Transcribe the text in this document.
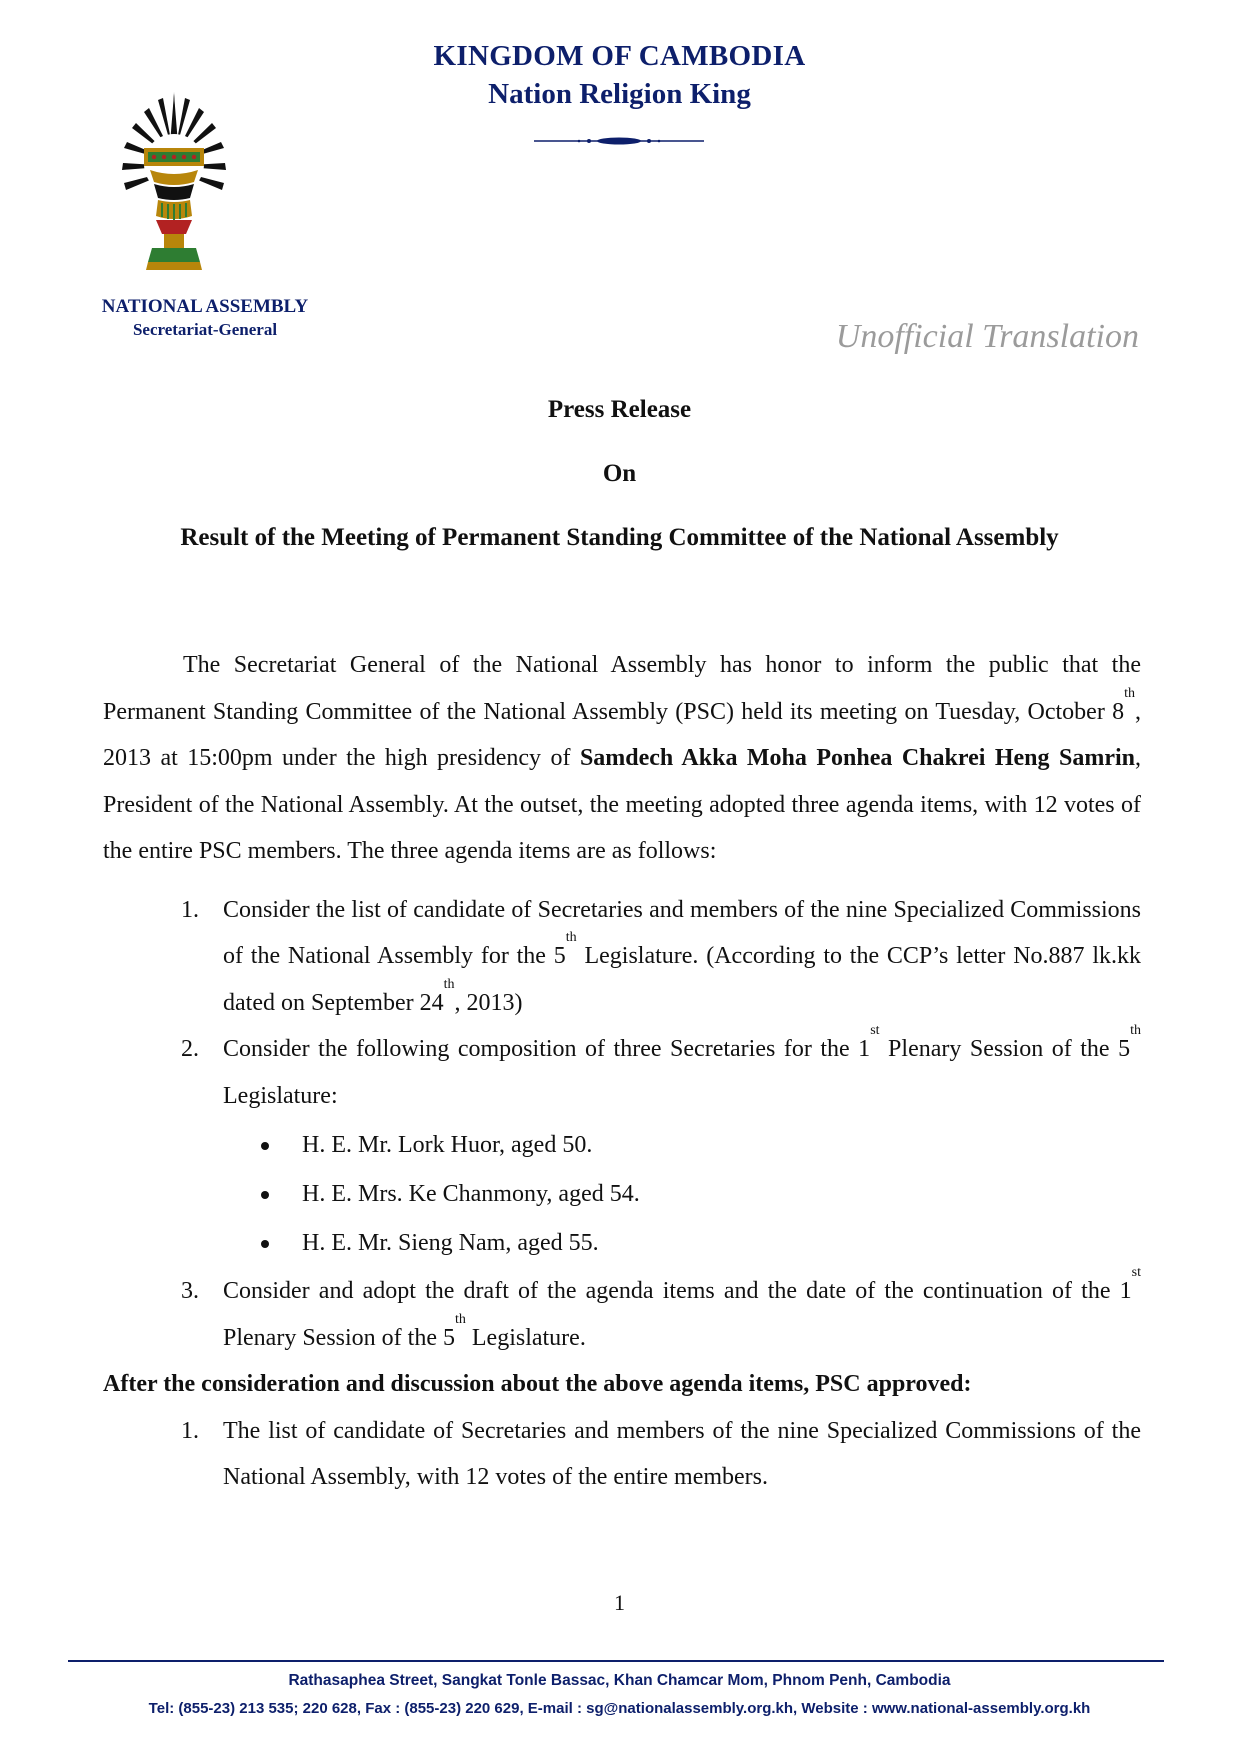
KINGDOM OF CAMBODIA
Nation Religion King
NATIONAL ASSEMBLY
Secretariat-General	Unofficial Translation
Press Release
On
Result of the Meeting of Permanent Standing Committee of the National Assembly

The Secretariat General of the National Assembly has honor to inform the public that the Permanent Standing Committee of the National Assembly (PSC) held its meeting on Tuesday, October 8th, 2013 at 15:00pm under the high presidency of Samdech Akka Moha Ponhea Chakrei Heng Samrin, President of the National Assembly. At the outset, the meeting adopted three agenda items, with 12 votes of the entire PSC members. The three agenda items are as follows:

1. Consider the list of candidate of Secretaries and members of the nine Specialized Commissions of the National Assembly for the 5th Legislature. (According to the CCP’s letter No.887 lk.kk dated on September 24th, 2013)
2. Consider the following composition of three Secretaries for the 1st Plenary Session of the 5th Legislature:
H. E. Mr. Lork Huor, aged 50.
H. E. Mrs. Ke Chanmony, aged 54.
H. E. Mr. Sieng Nam, aged 55.
3. Consider and adopt the draft of the agenda items and the date of the continuation of the 1st Plenary Session of the 5th Legislature.

After the consideration and discussion about the above agenda items, PSC approved:

1. The list of candidate of Secretaries and members of the nine Specialized Commissions of the National Assembly, with 12 votes of the entire members.
1
Rathasaphea Street, Sangkat Tonle Bassac, Khan Chamcar Mom, Phnom Penh, Cambodia
Tel: (855-23) 213 535; 220 628, Fax : (855-23) 220 629, E-mail : sg@nationalassembly.org.kh, Website : www.national-assembly.org.kh
